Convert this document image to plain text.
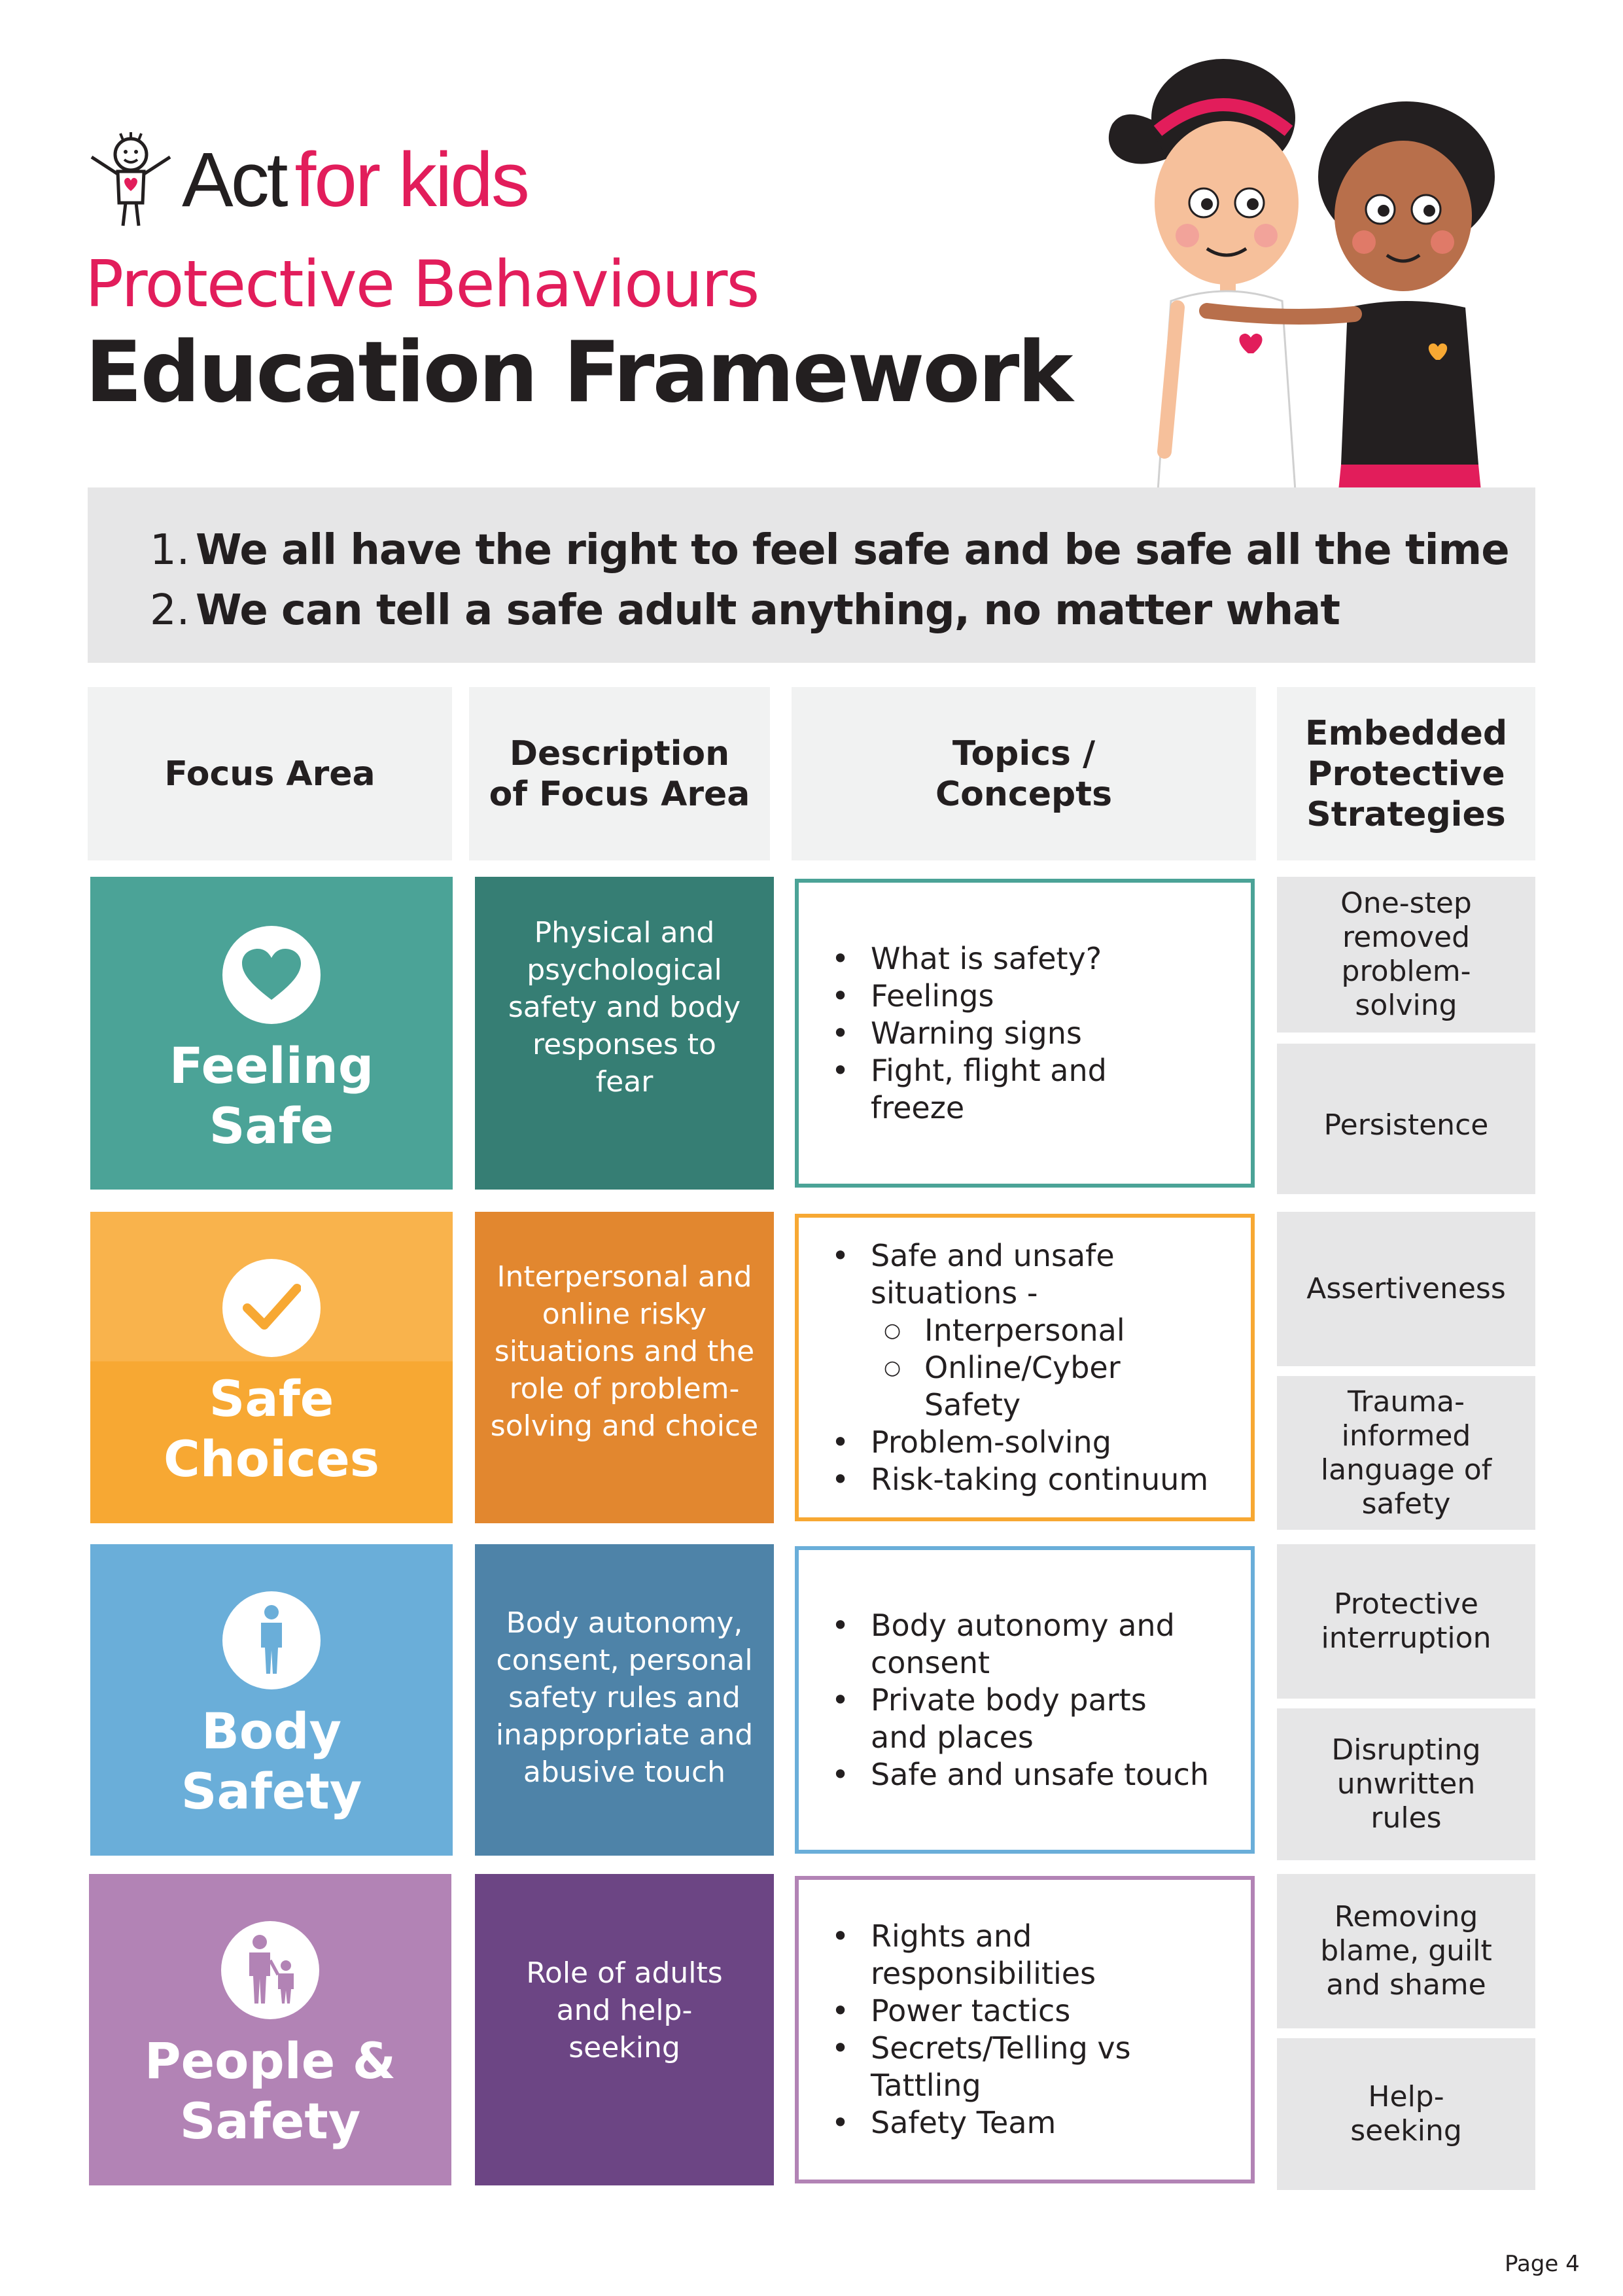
Act for kids
Protective Behaviours
Education Framework
1. We all have the right to feel safe and be safe all the time
2. We can tell a safe adult anything, no matter what
Focus Area
Description of Focus Area
Topics / Concepts
Embedded Protective Strategies
Feeling Safe
Physical and psychological safety and body responses to fear
• What is safety?
• Feelings
• Warning signs
• Fight, flight and freeze
One-step removed problem-solving
Persistence
Safe Choices
Interpersonal and online risky situations and the role of problem-solving and choice
• Safe and unsafe situations -
○ Interpersonal
○ Online/Cyber Safety
• Problem-solving
• Risk-taking continuum
Assertiveness
Trauma-informed language of safety
Body Safety
Body autonomy, consent, personal safety rules and inappropriate and abusive touch
• Body autonomy and consent
• Private body parts and places
• Safe and unsafe touch
Protective interruption
Disrupting unwritten rules
People & Safety
Role of adults and help-seeking
• Rights and responsibilities
• Power tactics
• Secrets/Telling vs Tattling
• Safety Team
Removing blame, guilt and shame
Help-seeking
Page 4
